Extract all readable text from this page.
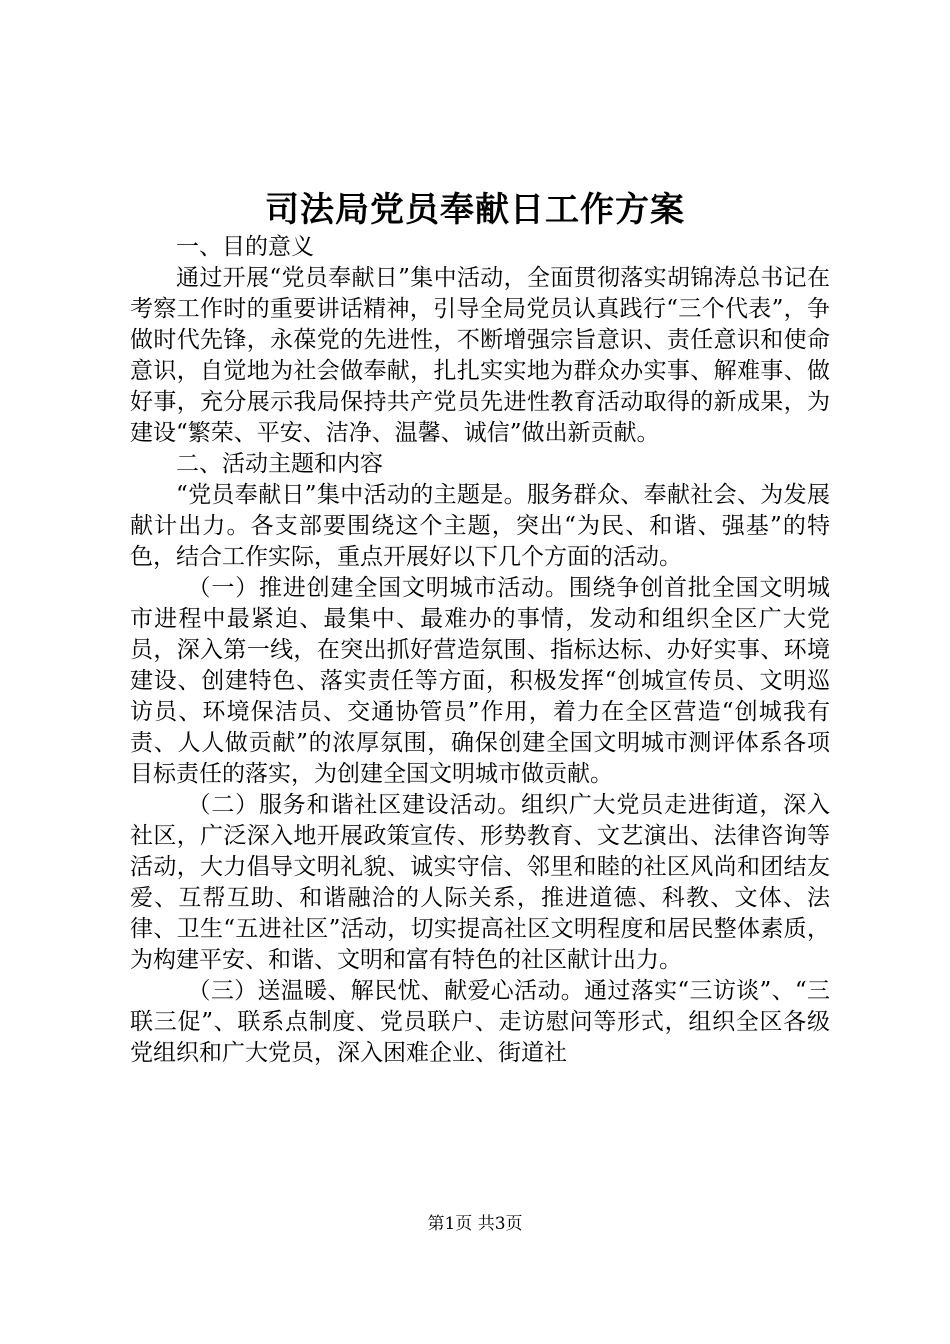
司法局党员奉献日工作方案

一、目的意义

通过开展“党员奉献日”集中活动，全面贯彻落实胡锦涛总书记在考察工作时的重要讲话精神，引导全局党员认真践行“三个代表”，争做时代先锋，永葆党的先进性，不断增强宗旨意识、责任意识和使命意识，自觉地为社会做奉献，扎扎实实地为群众办实事、解难事、做好事，充分展示我局保持共产党员先进性教育活动取得的新成果，为建设“繁荣、平安、洁净、温馨、诚信”做出新贡献。

二、活动主题和内容

“党员奉献日”集中活动的主题是。服务群众、奉献社会、为发展献计出力。各支部要围绕这个主题，突出“为民、和谐、强基”的特色，结合工作实际，重点开展好以下几个方面的活动。

（一）推进创建全国文明城市活动。围绕争创首批全国文明城市进程中最紧迫、最集中、最难办的事情，发动和组织全区广大党员，深入第一线，在突出抓好营造氛围、指标达标、办好实事、环境建设、创建特色、落实责任等方面，积极发挥“创城宣传员、文明巡访员、环境保洁员、交通协管员”作用，着力在全区营造“创城我有责、人人做贡献”的浓厚氛围，确保创建全国文明城市测评体系各项目标责任的落实，为创建全国文明城市做贡献。

（二）服务和谐社区建设活动。组织广大党员走进街道，深入社区，广泛深入地开展政策宣传、形势教育、文艺演出、法律咨询等活动，大力倡导文明礼貌、诚实守信、邻里和睦的社区风尚和团结友爱、互帮互助、和谐融洽的人际关系，推进道德、科教、文体、法律、卫生“五进社区”活动，切实提高社区文明程度和居民整体素质，为构建平安、和谐、文明和富有特色的社区献计出力。

（三）送温暖、解民忧、献爱心活动。通过落实“三访谈”、“三联三促”、联系点制度、党员联户、走访慰问等形式，组织全区各级党组织和广大党员，深入困难企业、街道社

第1页 共3页
